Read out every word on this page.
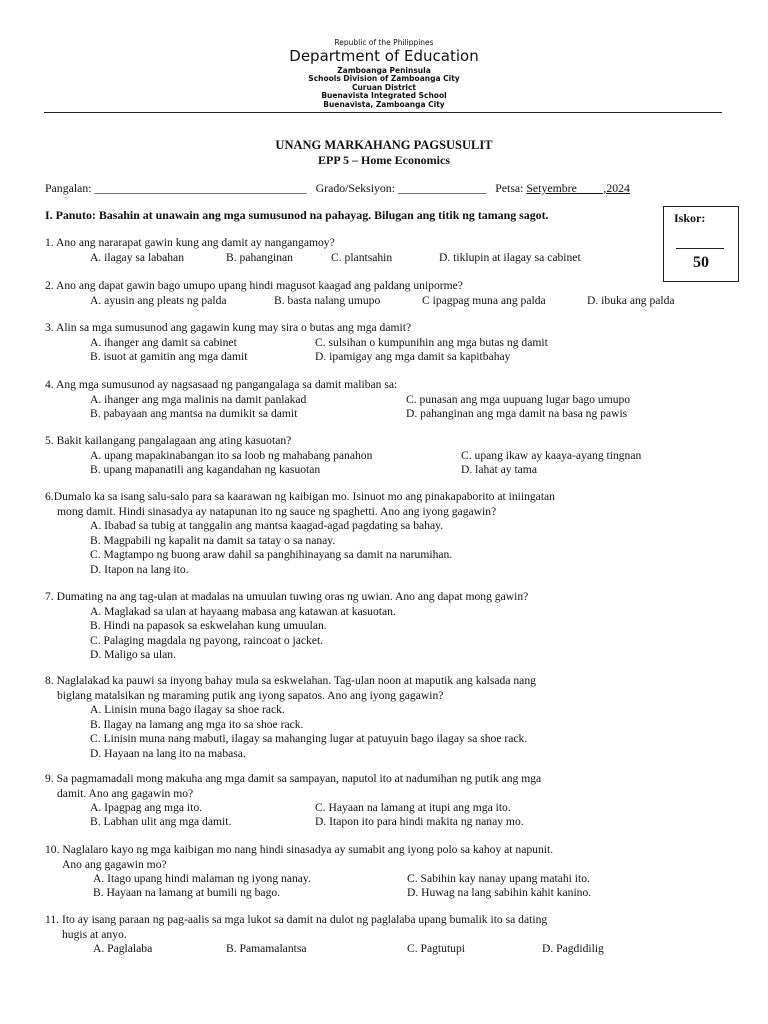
Republic of the Philippines
Department of Education
Zamboanga Peninsula
Schools Division of Zamboanga City
Curuan District
Buenavista Integrated School
Buenavista, Zamboanga City
UNANG MARKAHANG PAGSUSULIT
EPP 5 – Home Economics
Pangalan: ____________________________________   Grado/Seksiyon: _______________   Petsa: Setyembre ____,2024
I. Panuto: Basahin at unawain ang mga sumusunod na pahayag. Bilugan ang titik ng tamang sagot.	Iskor:
50
1. Ano ang nararapat gawin kung ang damit ay nangangamoy?
A. ilagay sa labahan	B. pahanginan	C. plantsahin	D. tiklupin at ilagay sa cabinet
2. Ano ang dapat gawin bago umupo upang hindi magusot kaagad ang paldang uniporme?
A. ayusin ang pleats ng palda	B. basta nalang umupo	C ipagpag muna ang palda	D. ibuka ang palda
3. Alin sa mga sumusunod ang gagawin kung may sira o butas ang mga damit?
A. ihanger ang damit sa cabinet	C. sulsihan o kumpunihin ang mga butas ng damit
B. isuot at gamitin ang mga damit	D. ipamigay ang mga damit sa kapitbahay
4. Ang mga sumusunod ay nagsasaad ng pangangalaga sa damit maliban sa:
A. ihanger ang mga malinis na damit panlakad	C. punasan ang mga uupuang lugar bago umupo
B. pabayaan ang mantsa na dumikit sa damit	D. pahanginan ang mga damit na basa ng pawis
5. Bakit kailangang pangalagaan ang ating kasuotan?
A. upang mapakinabangan ito sa loob ng mahabang panahon	C. upang ikaw ay kaaya-ayang tingnan
B. upang mapanatili ang kagandahan ng kasuotan	D. lahat ay tama
6.Dumalo ka sa isang salu-salo para sa kaarawan ng kaibigan mo. Isinuot mo ang pinakapaborito at iniingatan
mong damit. Hindi sinasadya ay natapunan ito ng sauce ng spaghetti. Ano ang iyong gagawin?
A. Ibabad sa tubig at tanggalin ang mantsa kaagad-agad pagdating sa bahay.
B. Magpabili ng kapalit na damit sa tatay o sa nanay.
C. Magtampo ng buong araw dahil sa panghihinayang sa damit na narumihan.
D. Itapon na lang ito.
7. Dumating na ang tag-ulan at madalas na umuulan tuwing oras ng uwian. Ano ang dapat mong gawin?
A. Maglakad sa ulan at hayaang mabasa ang katawan at kasuotan.
B. Hindi na papasok sa eskwelahan kung umuulan.
C. Palaging magdala ng payong, raincoat o jacket.
D. Maligo sa ulan.
8. Naglalakad ka pauwi sa inyong bahay mula sa eskwelahan. Tag-ulan noon at maputik ang kalsada nang
biglang matalsikan ng maraming putik ang iyong sapatos. Ano ang iyong gagawin?
A. Linisin muna bago ilagay sa shoe rack.
B. Ilagay na lamang ang mga ito sa shoe rack.
C. Linisin muna nang mabuti, ilagay sa mahanging lugar at patuyuin bago ilagay sa shoe rack.
D. Hayaan na lang ito na mabasa.
9. Sa pagmamadali mong makuha ang mga damit sa sampayan, naputol ito at nadumihan ng putik ang mga
damit. Ano ang gagawin mo?
A. Ipagpag ang mga ito.	C. Hayaan na lamang at itupi ang mga ito.
B. Labhan ulit ang mga damit.	D. Itapon ito para hindi makita ng nanay mo.
10. Naglalaro kayo ng mga kaibigan mo nang hindi sinasadya ay sumabit ang iyong polo sa kahoy at napunit.
Ano ang gagawin mo?
A. Itago upang hindi malaman ng iyong nanay.	C. Sabihin kay nanay upang matahi ito.
B. Hayaan na lamang at bumili ng bago.	D. Huwag na lang sabihin kahit kanino.
11. Ito ay isang paraan ng pag-aalis sa mga lukot sa damit na dulot ng paglalaba upang bumalik ito sa dating
hugis at anyo.
A. Paglalaba	B. Pamamalantsa	C. Pagtutupi	D. Pagdidilig
